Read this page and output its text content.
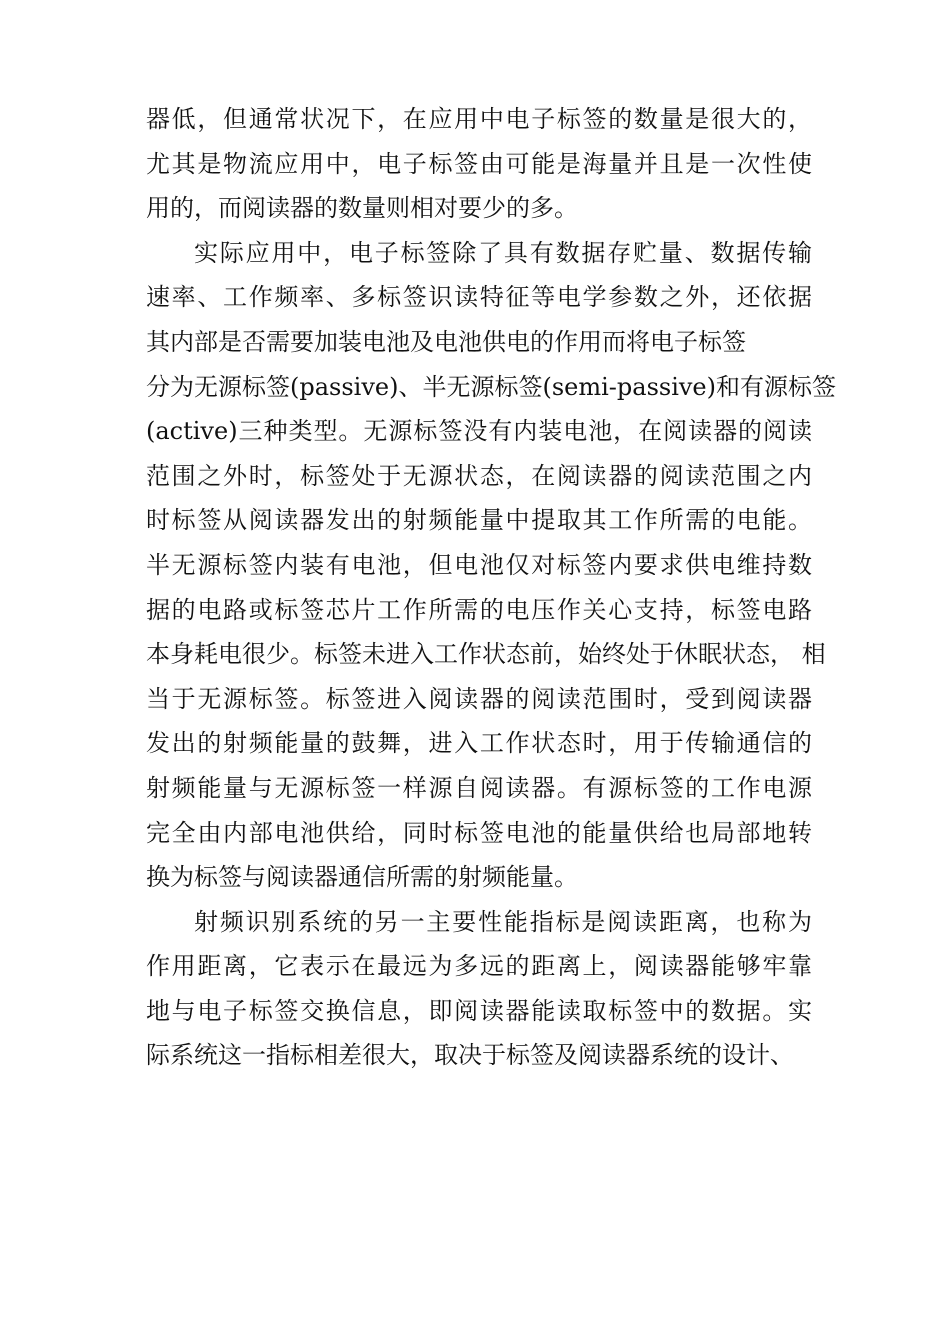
器低，但通常状况下，在应用中电子标签的数量是很大的，
尤其是物流应用中，电子标签由可能是海量并且是一次性使
用的，而阅读器的数量则相对要少的多。
实际应用中，电子标签除了具有数据存贮量、数据传输
速率、工作频率、多标签识读特征等电学参数之外，还依据
其内部是否需要加装电池及电池供电的作用而将电子标签
分为无源标签(passive)、半无源标签(semi-passive)和有源标签
(active)三种类型。无源标签没有内装电池，在阅读器的阅读
范围之外时，标签处于无源状态，在阅读器的阅读范围之内
时标签从阅读器发出的射频能量中提取其工作所需的电能。
半无源标签内装有电池，但电池仅对标签内要求供电维持数
据的电路或标签芯片工作所需的电压作关心支持，标签电路
本身耗电很少。标签未进入工作状态前，始终处于休眠状态， 相
当于无源标签。标签进入阅读器的阅读范围时，受到阅读器
发出的射频能量的鼓舞，进入工作状态时，用于传输通信的
射频能量与无源标签一样源自阅读器。有源标签的工作电源
完全由内部电池供给，同时标签电池的能量供给也局部地转
换为标签与阅读器通信所需的射频能量。
射频识别系统的另一主要性能指标是阅读距离，也称为
作用距离，它表示在最远为多远的距离上，阅读器能够牢靠
地与电子标签交换信息，即阅读器能读取标签中的数据。实
际系统这一指标相差很大，取决于标签及阅读器系统的设计、
